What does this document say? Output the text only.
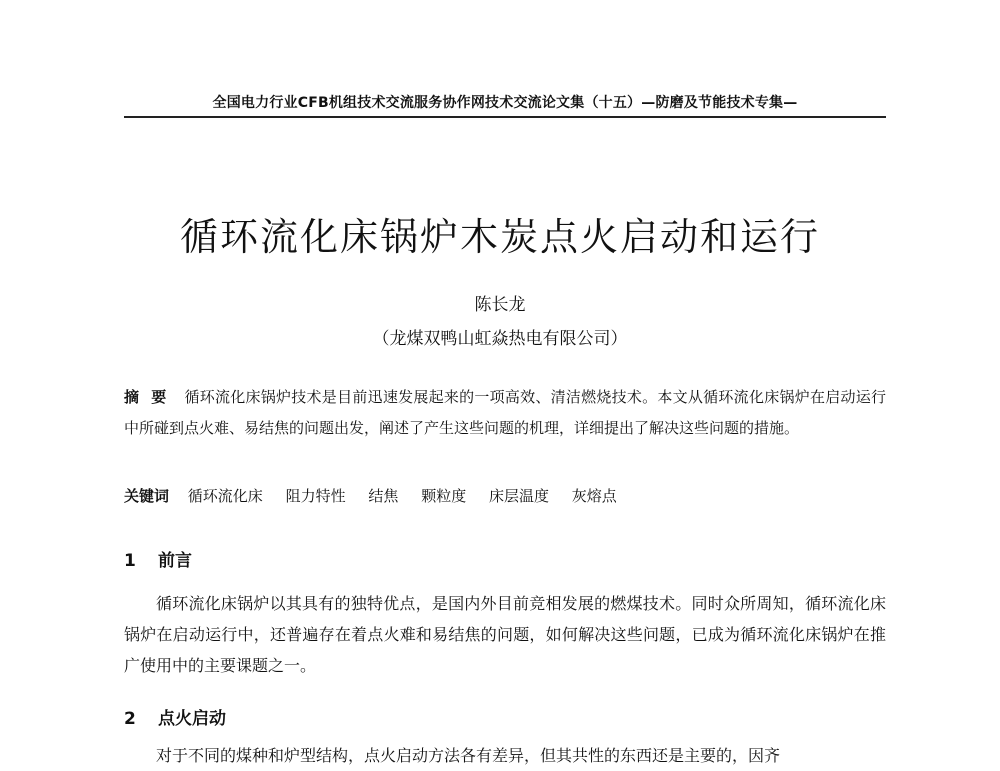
全国电力行业CFB机组技术交流服务协作网技术交流论文集（十五）—防磨及节能技术专集—
循环流化床锅炉木炭点火启动和运行
陈长龙
（龙煤双鸭山虹焱热电有限公司）
摘要 循环流化床锅炉技术是目前迅速发展起来的一项高效、清洁燃烧技术。本文从循环流化床锅炉在启动运行中所碰到点火难、易结焦的问题出发，阐述了产生这些问题的机理，详细提出了解决这些问题的措施。
关键词 循环流化床 阻力特性 结焦 颗粒度 床层温度 灰熔点
1 前言

循环流化床锅炉以其具有的独特优点，是国内外目前竞相发展的燃煤技术。同时众所周知，循环流化床锅炉在启动运行中，还普遍存在着点火难和易结焦的问题，如何解决这些问题，已成为循环流化床锅炉在推广使用中的主要课题之一。

2 点火启动

对于不同的煤种和炉型结构，点火启动方法各有差异，但其共性的东西还是主要的，因齐
